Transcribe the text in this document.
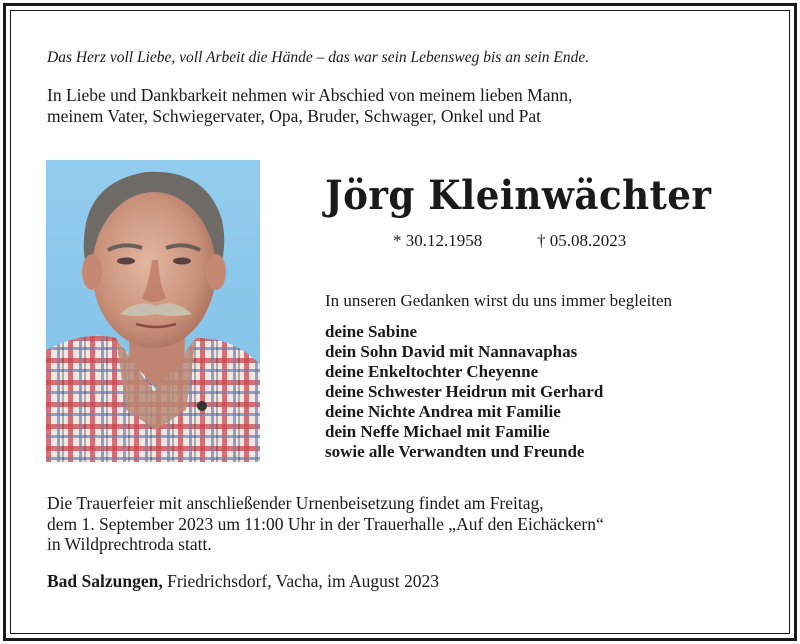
Das Herz voll Liebe, voll Arbeit die Hände – das war sein Lebensweg bis an sein Ende.
In Liebe und Dankbarkeit nehmen wir Abschied von meinem lieben Mann,
meinem Vater, Schwiegervater, Opa, Bruder, Schwager, Onkel und Pat
Jörg Kleinwächter
* 30.12.1958	† 05.08.2023
In unseren Gedanken wirst du uns immer begleiten
deine Sabine
dein Sohn David mit Nannavaphas
deine Enkeltochter Cheyenne
deine Schwester Heidrun mit Gerhard
deine Nichte Andrea mit Familie
dein Neffe Michael mit Familie
sowie alle Verwandten und Freunde
Die Trauerfeier mit anschließender Urnenbeisetzung findet am Freitag,
dem 1. September 2023 um 11:00 Uhr in der Trauerhalle „Auf den Eichäckern“
in Wildprechtroda statt.
Bad Salzungen, Friedrichsdorf, Vacha, im August 2023
